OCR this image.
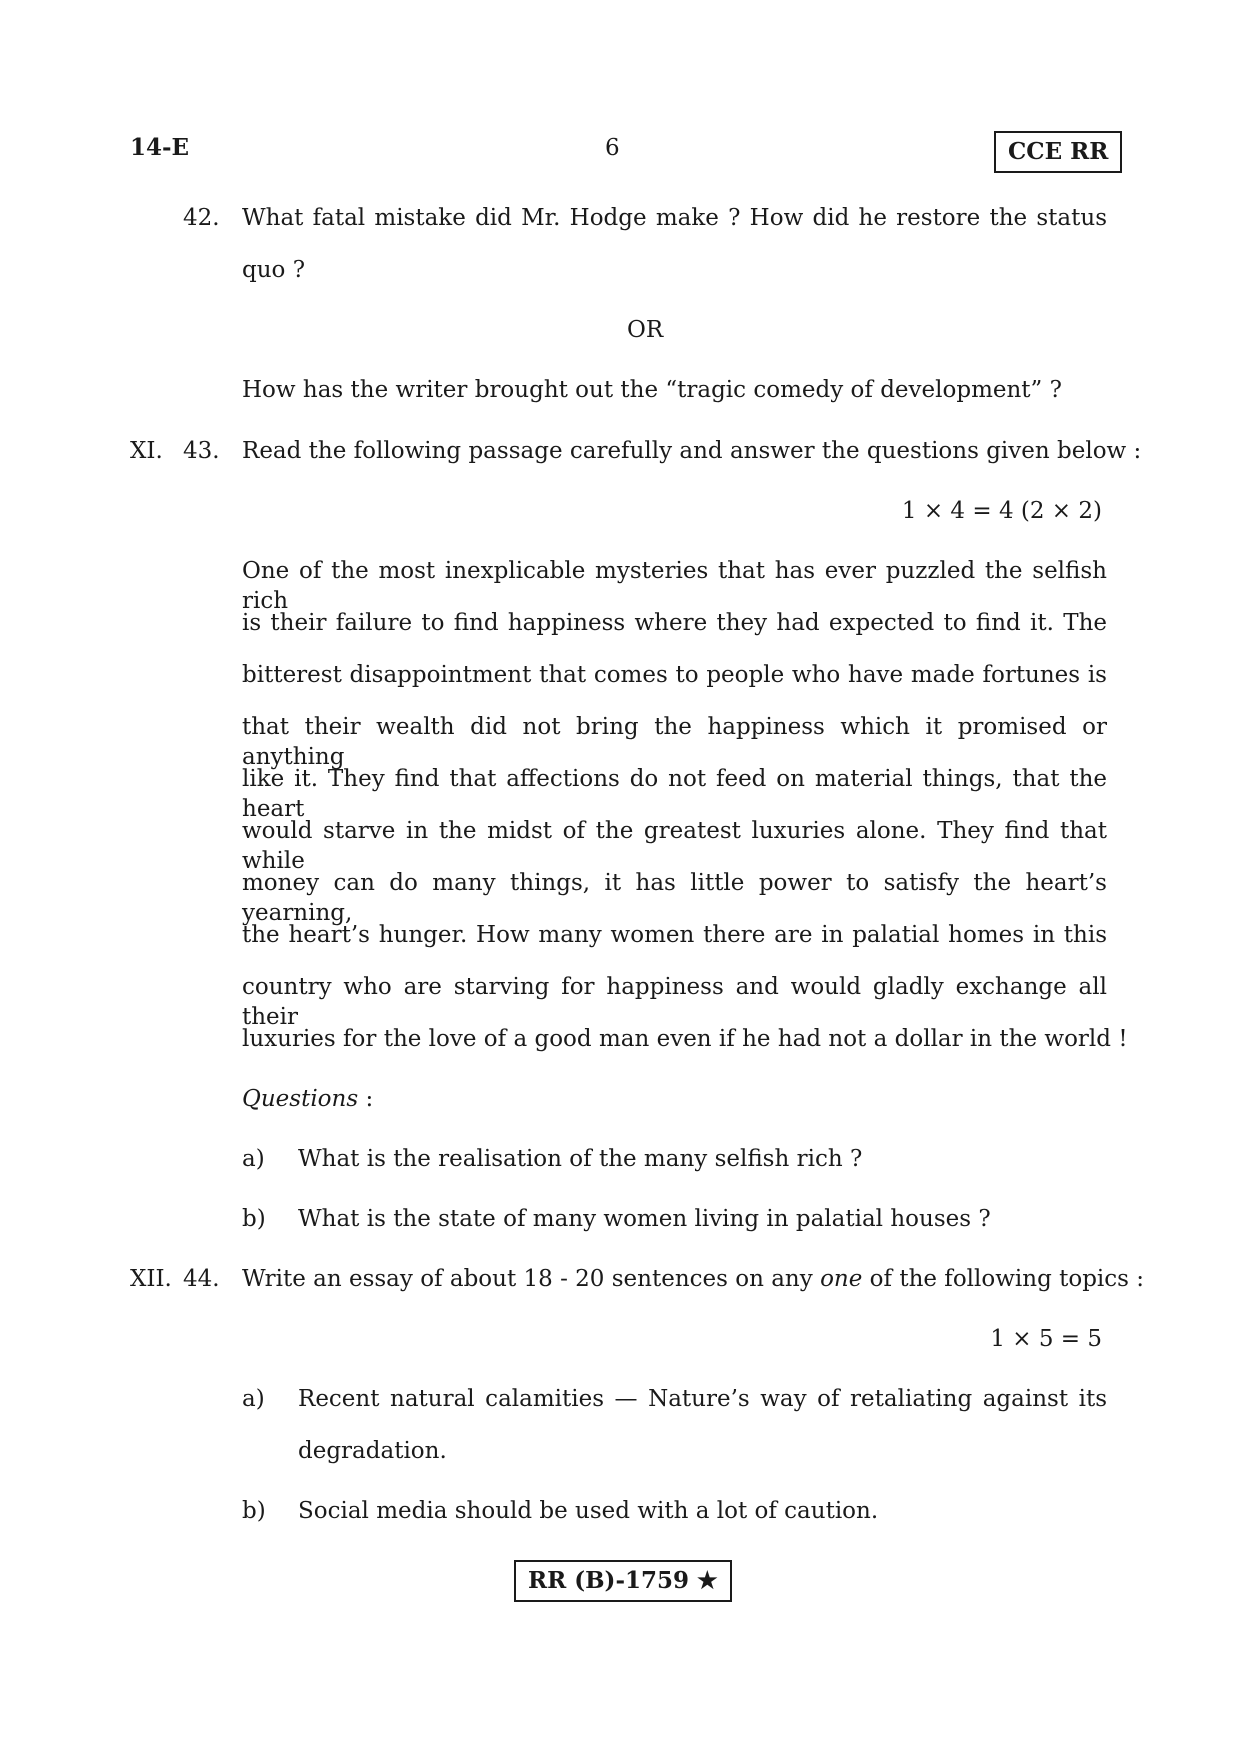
14-E	6	CCE RR
42. What fatal mistake did Mr. Hodge make ? How did he restore the status
quo ?
OR
How has the writer brought out the “tragic comedy of development” ?
XI. 43. Read the following passage carefully and answer the questions given below :
1 × 4 = 4 (2 × 2)
One of the most inexplicable mysteries that has ever puzzled the selfish rich
is their failure to find happiness where they had expected to find it. The
bitterest disappointment that comes to people who have made fortunes is
that their wealth did not bring the happiness which it promised or anything
like it. They find that affections do not feed on material things, that the heart
would starve in the midst of the greatest luxuries alone. They find that while
money can do many things, it has little power to satisfy the heart’s yearning,
the heart’s hunger. How many women there are in palatial homes in this
country who are starving for happiness and would gladly exchange all their
luxuries for the love of a good man even if he had not a dollar in the world !
Questions :
a) What is the realisation of the many selfish rich ?
b) What is the state of many women living in palatial houses ?
XII. 44. Write an essay of about 18 - 20 sentences on any one of the following topics :
1 × 5 = 5
a) Recent natural calamities — Nature’s way of retaliating against its
degradation.
b) Social media should be used with a lot of caution.
RR (B)-1759 ★
